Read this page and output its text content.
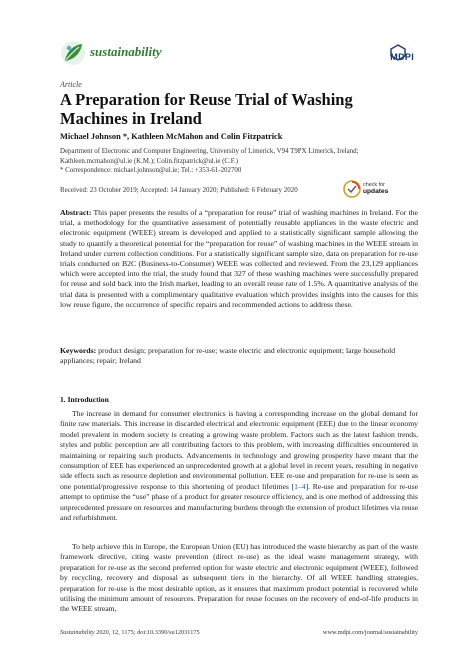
sustainability	MDPI
Article
A Preparation for Reuse Trial of Washing Machines in Ireland
Michael Johnson *, Kathleen McMahon and Colin Fitzpatrick
Department of Electronic and Computer Engineering, University of Limerick, V94 T9PX Limerick, Ireland;
Kathleen.mcmahon@ul.ie (K.M.); Colin.fitzpatrick@ul.ie (C.F.)
* Correspondence: michael.johnson@ul.ie; Tel.: +353-61-202700
Received: 23 October 2019; Accepted: 14 January 2020; Published: 6 February 2020
check for
updates

Abstract: This paper presents the results of a “preparation for reuse” trial of washing machines in Ireland. For the trial, a methodology for the quantitative assessment of potentially reusable appliances in the waste electric and electronic equipment (WEEE) stream is developed and applied to a statistically significant sample allowing the study to quantify a theoretical potential for the “preparation for reuse” of washing machines in the WEEE stream in Ireland under current collection conditions. For a statistically significant sample size, data on preparation for re-use trials conducted on B2C (Business-to-Consumer) WEEE was collected and reviewed. From the 23,129 appliances which were accepted into the trial, the study found that 327 of these washing machines were successfully prepared for reuse and sold back into the Irish market, leading to an overall reuse rate of 1.5%. A quantitative analysis of the trial data is presented with a complimentary qualitative evaluation which provides insights into the causes for this low reuse figure, the occurrence of specific repairs and recommended actions to address these.

Keywords: product design; preparation for re-use; waste electric and electronic equipment; large household appliances; repair; Ireland

1. Introduction

The increase in demand for consumer electronics is having a corresponding increase on the global demand for finite raw materials. This increase in discarded electrical and electronic equipment (EEE) due to the linear economy model prevalent in modern society is creating a growing waste problem. Factors such as the latest fashion trends, styles and public perception are all contributing factors to this problem, with increasing difficulties encountered in maintaining or repairing such products. Advancements in technology and growing prosperity have meant that the consumption of EEE has experienced an unprecedented growth at a global level in recent years, resulting in negative side effects such as resource depletion and environmental pollution. EEE re-use and preparation for re-use is seen as one potential/progressive response to this shortening of product lifetimes [1–4]. Re-use and preparation for re-use attempt to optimise the “use” phase of a product for greater resource efficiency, and is one method of addressing this unprecedented pressure on resources and manufacturing burdens through the extension of product lifetimes via reuse and refurbishment.

To help achieve this in Europe, the European Union (EU) has introduced the waste hierarchy as part of the waste framework directive, citing waste prevention (direct re-use) as the ideal waste management strategy, with preparation for re-use as the second preferred option for waste electric and electronic equipment (WEEE), followed by recycling, recovery and disposal as subsequent tiers in the hierarchy. Of all WEEE handling strategies, preparation for re-use is the most desirable option, as it ensures that maximum product potential is recovered while utilising the minimum amount of resources. Preparation for reuse focuses on the recovery of end-of-life products in the WEEE stream,

Sustainability 2020, 12, 1175; doi:10.3390/su12031175	www.mdpi.com/journal/sustainability
